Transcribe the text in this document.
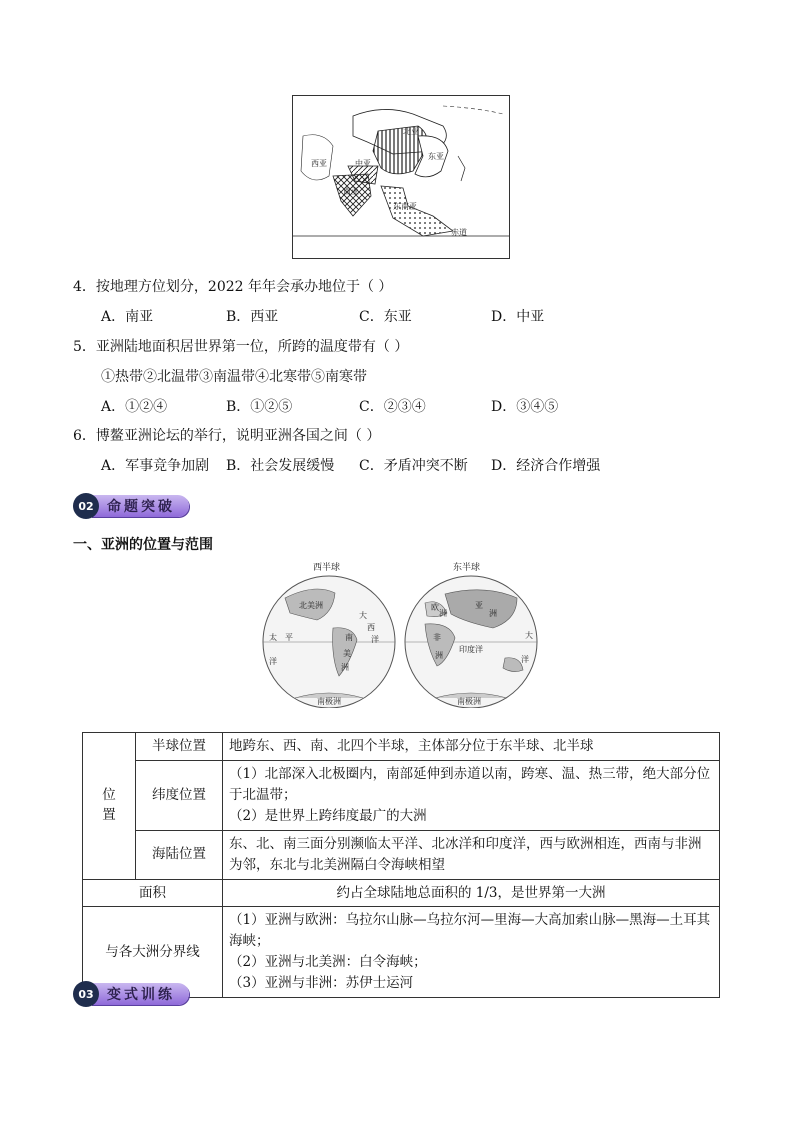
北亚
东亚
南亚
东南亚
西亚	中亚
赤道
4．按地理方位划分，2022 年年会承办地位于（ ）
A．南亚	B．西亚	C．东亚	D．中亚
5．亚洲陆地面积居世界第一位，所跨的温度带有（ ）
①热带②北温带③南温带④北寒带⑤南寒带
A．①②④	B．①②⑤	C．②③④	D．③④⑤
6．博鳌亚洲论坛的举行，说明亚洲各国之间（ ）
A．军事竞争加剧 B．社会发展缓慢 C．矛盾冲突不断 D．经济合作增强
02 命题突破
一、亚洲的位置与范围
西半球	东半球
北美洲
太 平
洋
大
西
洋
南
美
洲
南极洲
亚
洲
欧
洲
非
洲
印度洋
大
洋
南极洲
位置	半球位置	地跨东、西、南、北四个半球，主体部分位于东半球、北半球
	纬度位置	（1）北部深入北极圈内，南部延伸到赤道以南，跨寒、温、热三带，绝大部分位于北温带；
（2）是世界上跨纬度最广的大洲

	海陆位置	东、北、南三面分别濒临太平洋、北冰洋和印度洋，西与欧洲相连，西南与非洲为邻，东北与北美洲隔白令海峡相望
面积		约占全球陆地总面积的 1/3，是世界第一大洲
与各大洲分界线		（1）亚洲与欧洲：乌拉尔山脉—乌拉尔河—里海—大高加索山脉—黑海—土耳其海峡；
（2）亚洲与北美洲：白令海峡；
（3）亚洲与非洲：苏伊士运河
03 变式训练
